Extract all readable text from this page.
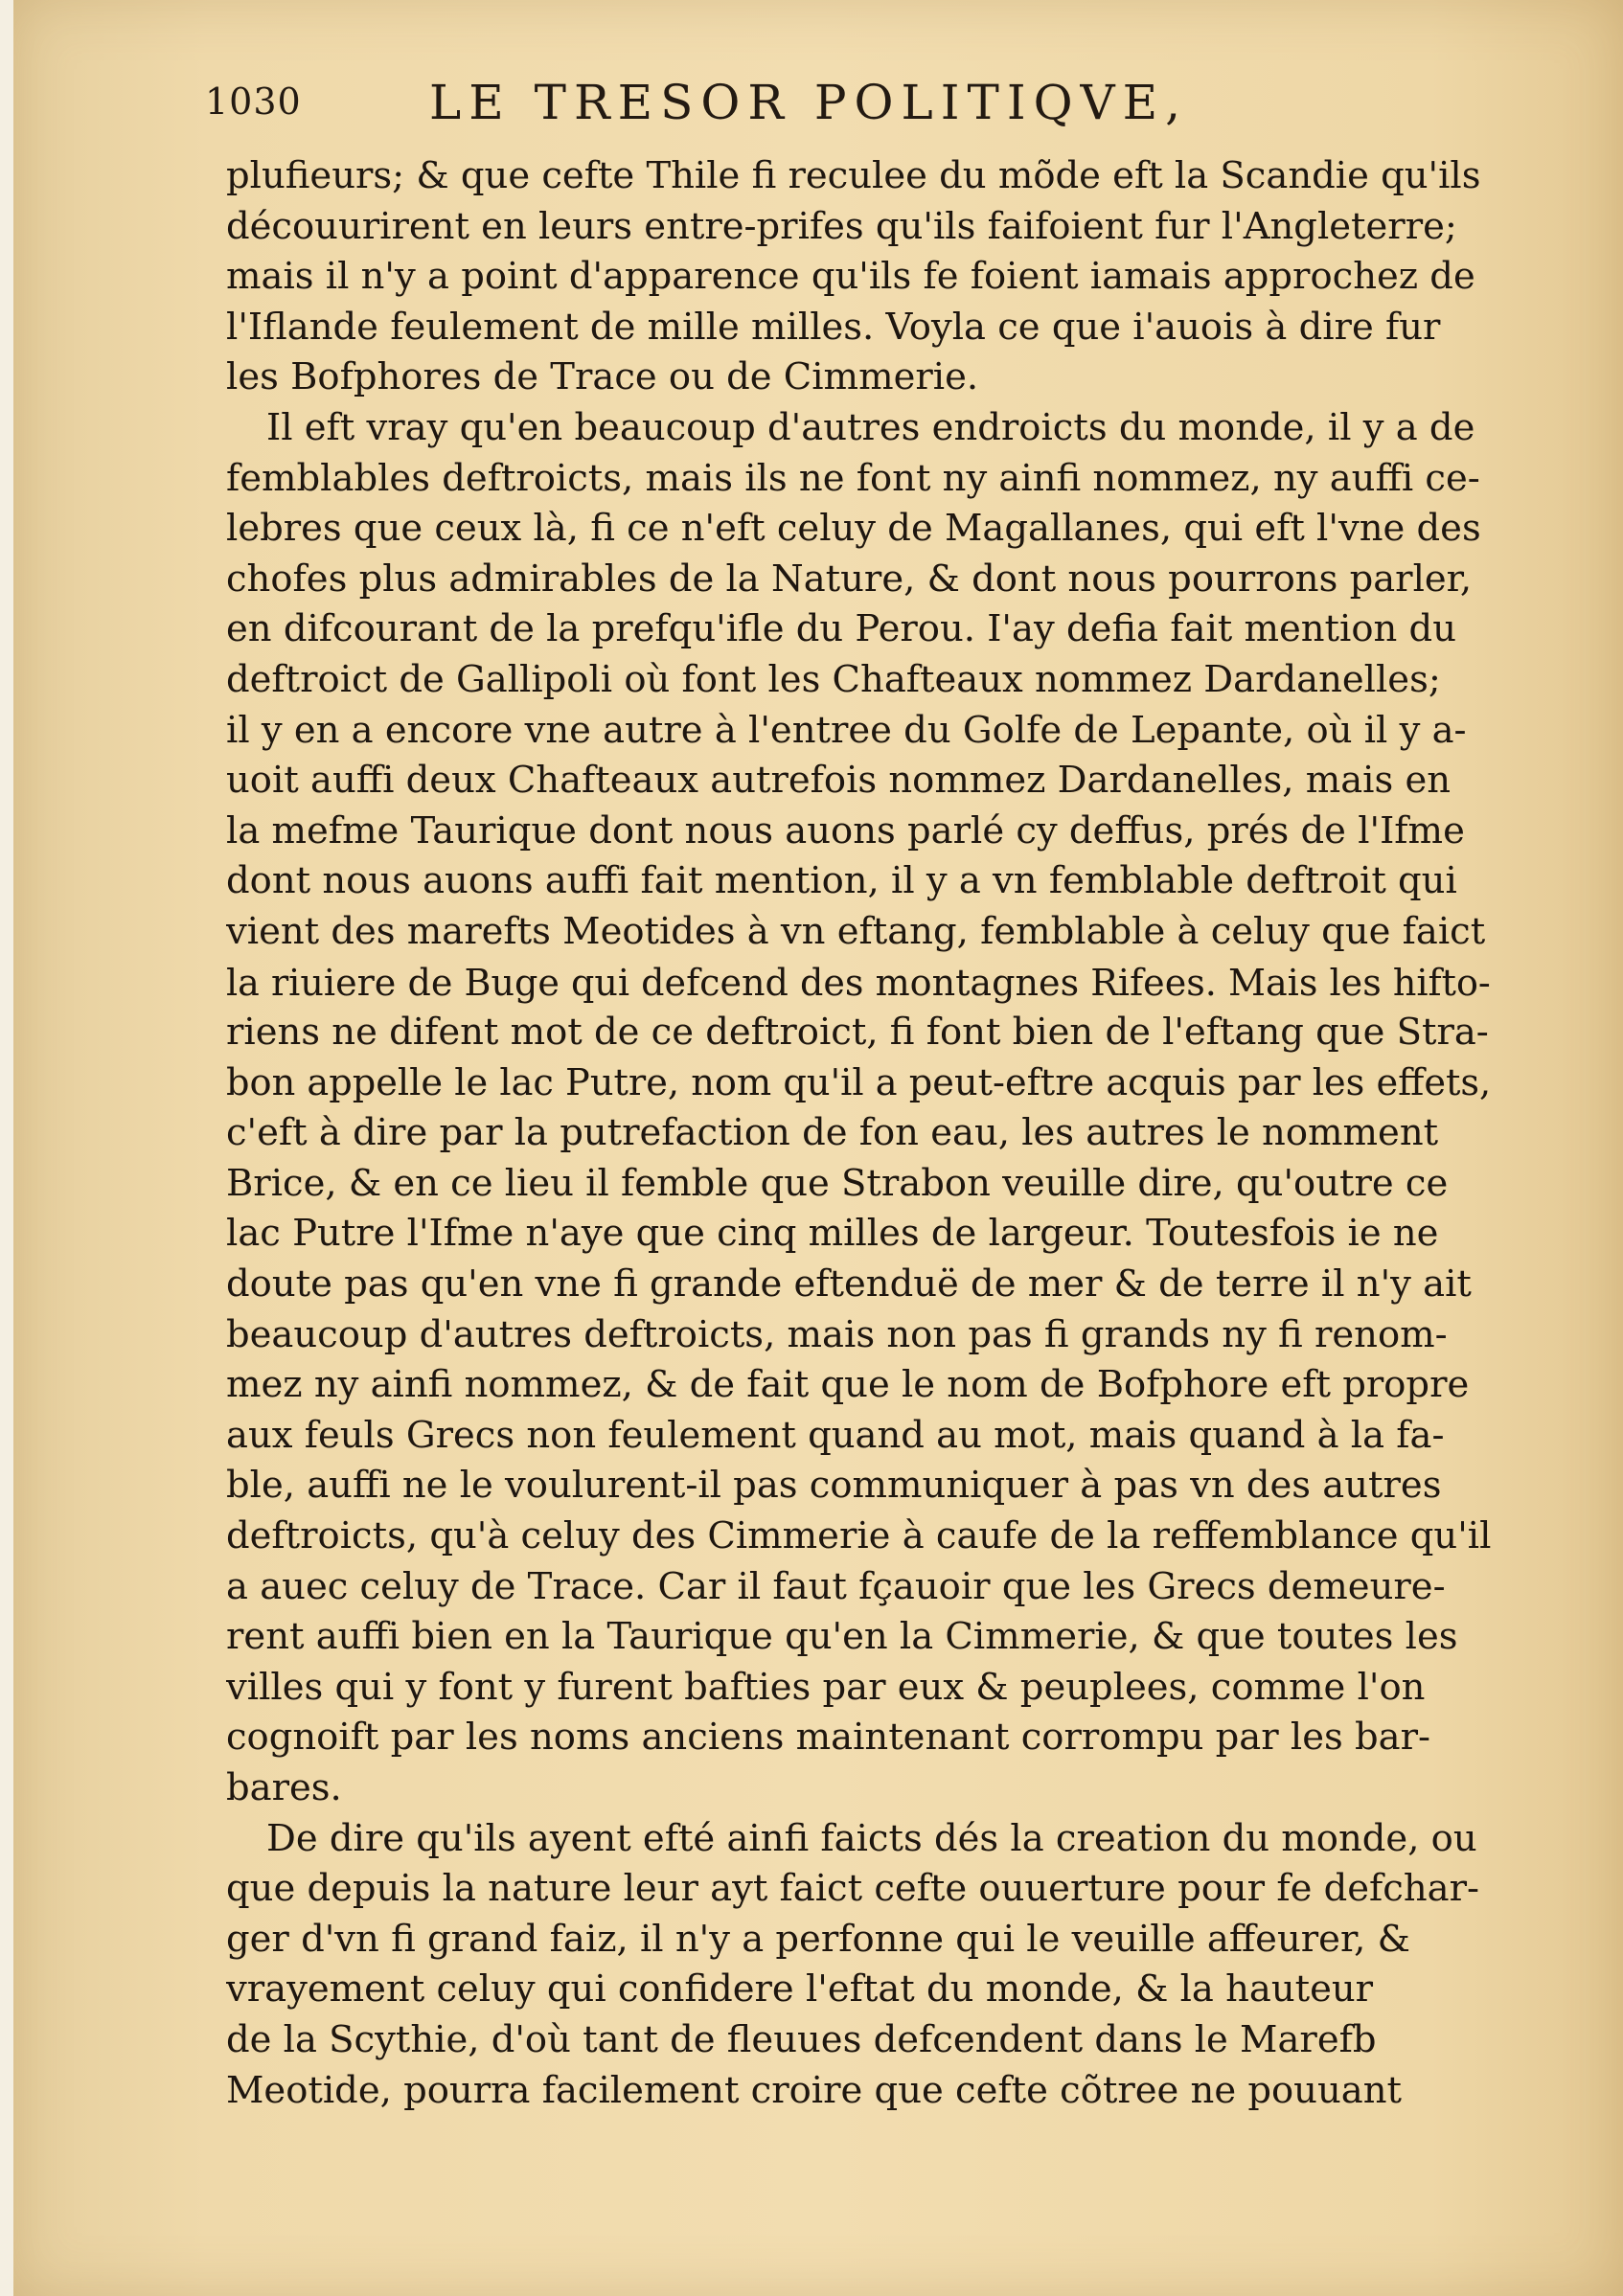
1030	LE TRESOR POLITIQVE,
plufieurs; & que cefte Thile fi reculee du mõde eft la Scandie qu'ils
découurirent en leurs entre-prifes qu'ils faifoient fur l'Angleterre;
mais il n'y a point d'apparence qu'ils fe foient iamais approchez de
l'Iflande feulement de mille milles. Voyla ce que i'auois à dire fur
les Bofphores de Trace ou de Cimmerie.
Il eft vray qu'en beaucoup d'autres endroicts du monde, il y a de
femblables deftroicts, mais ils ne font ny ainfi nommez, ny auffi ce-
lebres que ceux là, fi ce n'eft celuy de Magallanes, qui eft l'vne des
chofes plus admirables de la Nature, & dont nous pourrons parler,
en difcourant de la prefqu'ifle du Perou. I'ay defia fait mention du
deftroict de Gallipoli où font les Chafteaux nommez Dardanelles;
il y en a encore vne autre à l'entree du Golfe de Lepante, où il y a-
uoit auffi deux Chafteaux autrefois nommez Dardanelles, mais en
la mefme Taurique dont nous auons parlé cy deffus, prés de l'Ifme
dont nous auons auffi fait mention, il y a vn femblable deftroit qui
vient des marefts Meotides à vn eftang, femblable à celuy que faict
la riuiere de Buge qui defcend des montagnes Rifees. Mais les hifto-
riens ne difent mot de ce deftroict, fi font bien de l'eftang que Stra-
bon appelle le lac Putre, nom qu'il a peut-eftre acquis par les effets,
c'eft à dire par la putrefaction de fon eau, les autres le nomment
Brice, & en ce lieu il femble que Strabon veuille dire, qu'outre ce
lac Putre l'Ifme n'aye que cinq milles de largeur. Toutesfois ie ne
doute pas qu'en vne fi grande eftenduë de mer & de terre il n'y ait
beaucoup d'autres deftroicts, mais non pas fi grands ny fi renom-
mez ny ainfi nommez, & de fait que le nom de Bofphore eft propre
aux feuls Grecs non feulement quand au mot, mais quand à la fa-
ble, auffi ne le voulurent-il pas communiquer à pas vn des autres
deftroicts, qu'à celuy des Cimmerie à caufe de la reffemblance qu'il
a auec celuy de Trace. Car il faut fçauoir que les Grecs demeure-
rent auffi bien en la Taurique qu'en la Cimmerie, & que toutes les
villes qui y font y furent bafties par eux & peuplees, comme l'on
cognoift par les noms anciens maintenant corrompu par les bar-
bares.
De dire qu'ils ayent efté ainfi faicts dés la creation du monde, ou
que depuis la nature leur ayt faict cefte ouuerture pour fe defchar-
ger d'vn fi grand faiz, il n'y a perfonne qui le veuille affeurer, &
vrayement celuy qui confidere l'eftat du monde, & la hauteur
de la Scythie, d'où tant de fleuues defcendent dans le Marefb
Meotide, pourra facilement croire que cefte cõtree ne pouuant
